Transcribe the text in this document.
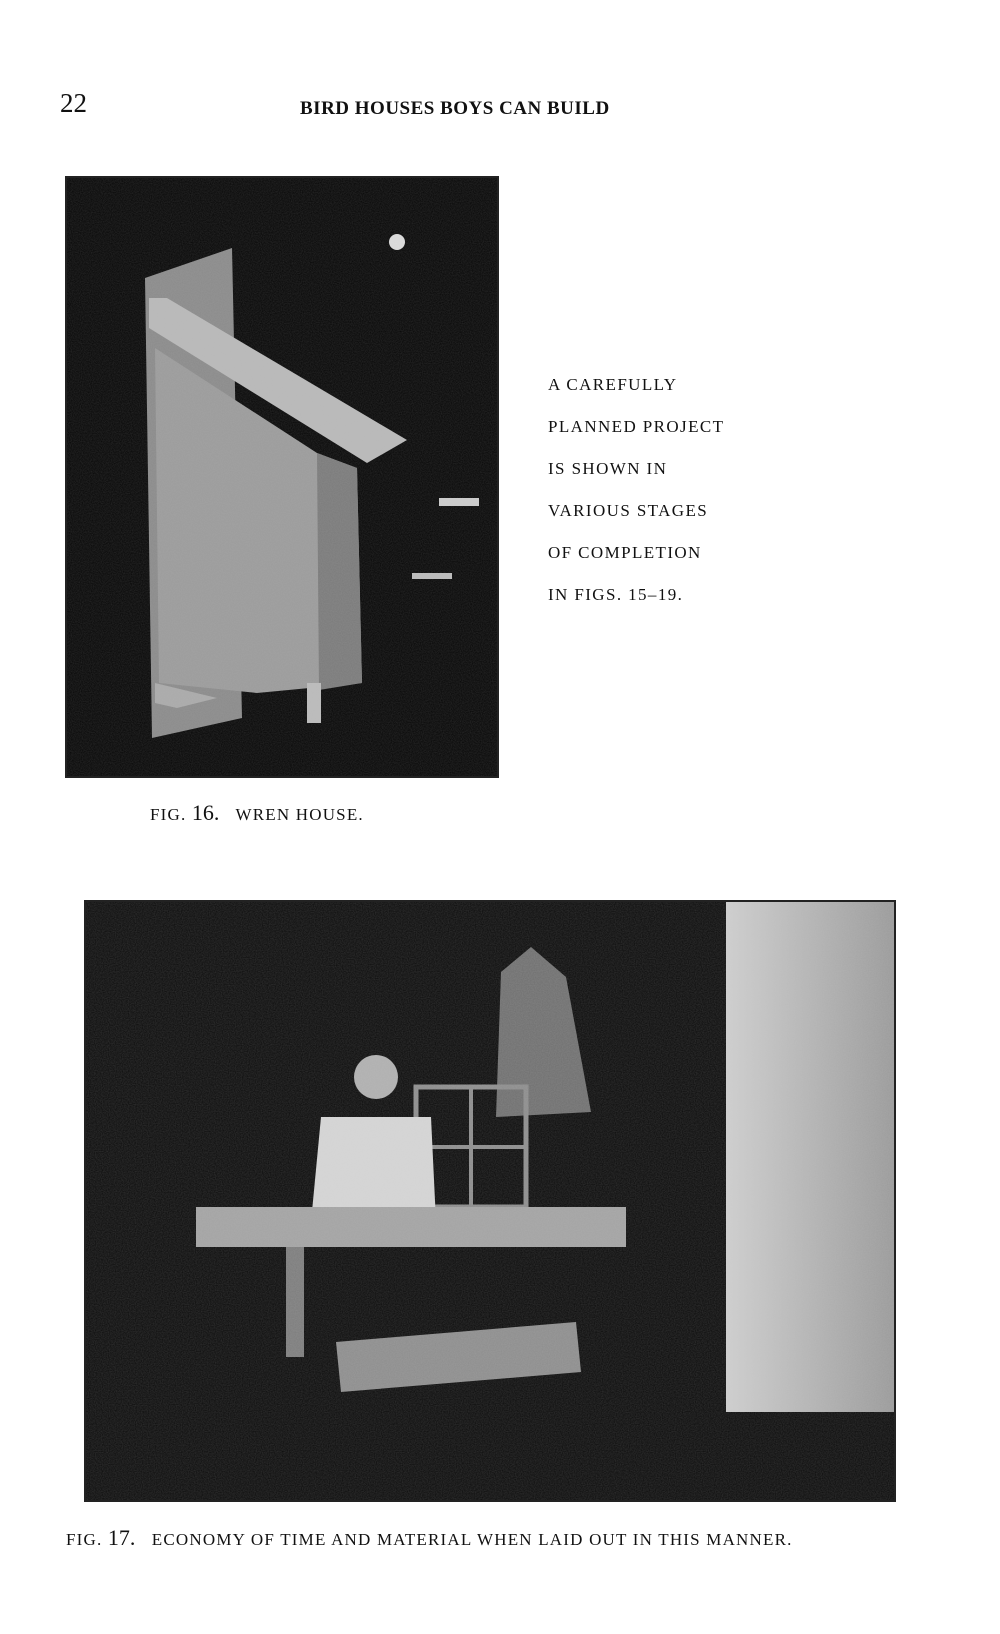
22	BIRD HOUSES BOYS CAN BUILD
A CAREFULLY
PLANNED PROJECT
IS SHOWN IN
VARIOUS STAGES
OF COMPLETION
IN FIGS. 15–19.
FIG. 16. WREN HOUSE.
FIG. 17. ECONOMY OF TIME AND MATERIAL WHEN LAID OUT IN THIS MANNER.
